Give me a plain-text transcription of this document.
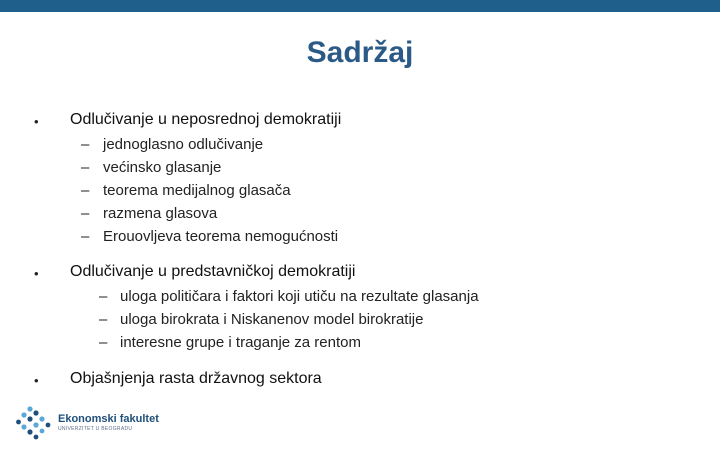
Sadržaj
• Odlučivanje u neposrednoj demokratiji
– jednoglasno odlučivanje
– većinsko glasanje
– teorema medijalnog glasača
– razmena glasova
– Erouovljeva teorema nemogućnosti
• Odlučivanje u predstavničkoj demokratiji
– uloga političara i faktori koji utiču na rezultate glasanja
– uloga birokrata i Niskanenov model birokratije
– interesne grupe i traganje za rentom
• Objašnjenja rasta državnog sektora
Ekonomski fakultet
UNIVERZITET U BEOGRADU
